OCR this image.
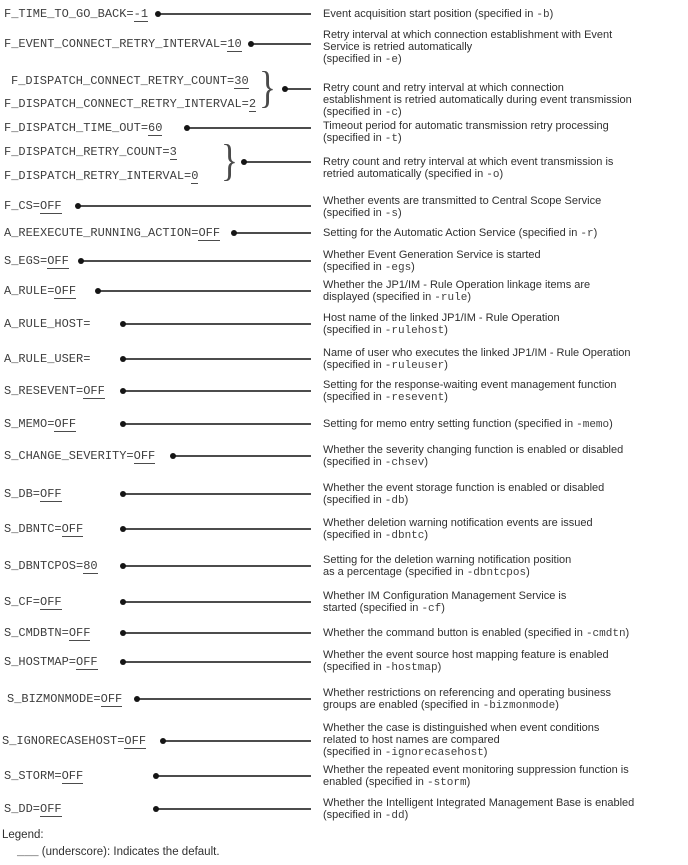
Legend:
___ (underscore): Indicates the default.
F_TIME_TO_GO_BACK=-1	Event acquisition start position (specified in -b)
F_EVENT_CONNECT_RETRY_INTERVAL=10
Retry interval at which connection establishment with Event
Service is retried automatically
(specified in -e)
F_DISPATCH_CONNECT_RETRY_COUNT=30
F_DISPATCH_CONNECT_RETRY_INTERVAL=2 }	Retry count and retry interval at which connection
establishment is retried automatically during event transmission
(specified in -c)
F_DISPATCH_TIME_OUT=60	Timeout period for automatic transmission retry processing
(specified in -t)
F_DISPATCH_RETRY_COUNT=3
F_DISPATCH_RETRY_INTERVAL=0 }	Retry count and retry interval at which event transmission is
retried automatically (specified in -o)
F_CS=OFF	Whether events are transmitted to Central Scope Service
(specified in -s)
A_REEXECUTE_RUNNING_ACTION=OFF	Setting for the Automatic Action Service (specified in -r)
S_EGS=OFF	Whether Event Generation Service is started
(specified in -egs)
A_RULE=OFF	Whether the JP1/IM - Rule Operation linkage items are
displayed (specified in -rule)
A_RULE_HOST=	Host name of the linked JP1/IM - Rule Operation
(specified in -rulehost)
A_RULE_USER=	Name of user who executes the linked JP1/IM - Rule Operation
(specified in -ruleuser)
S_RESEVENT=OFF	Setting for the response-waiting event management function
(specified in -resevent)
S_MEMO=OFF	Setting for memo entry setting function (specified in -memo)
S_CHANGE_SEVERITY=OFF	Whether the severity changing function is enabled or disabled
(specified in -chsev)
S_DB=OFF	Whether the event storage function is enabled or disabled
(specified in -db)
S_DBNTC=OFF	Whether deletion warning notification events are issued
(specified in -dbntc)
S_DBNTCPOS=80	Setting for the deletion warning notification position
as a percentage (specified in -dbntcpos)
S_CF=OFF	Whether IM Configuration Management Service is
started (specified in -cf)
S_CMDBTN=OFF	Whether the command button is enabled (specified in -cmdtn)
S_HOSTMAP=OFF	Whether the event source host mapping feature is enabled
(specified in -hostmap)
S_BIZMONMODE=OFF	Whether restrictions on referencing and operating business
groups are enabled (specified in -bizmonmode)
S_IGNORECASEHOST=OFF
Whether the case is distinguished when event conditions
related to host names are compared
(specified in -ignorecasehost)
S_STORM=OFF	Whether the repeated event monitoring suppression function is
enabled (specified in -storm)
S_DD=OFF	Whether the Intelligent Integrated Management Base is enabled
(specified in -dd)
